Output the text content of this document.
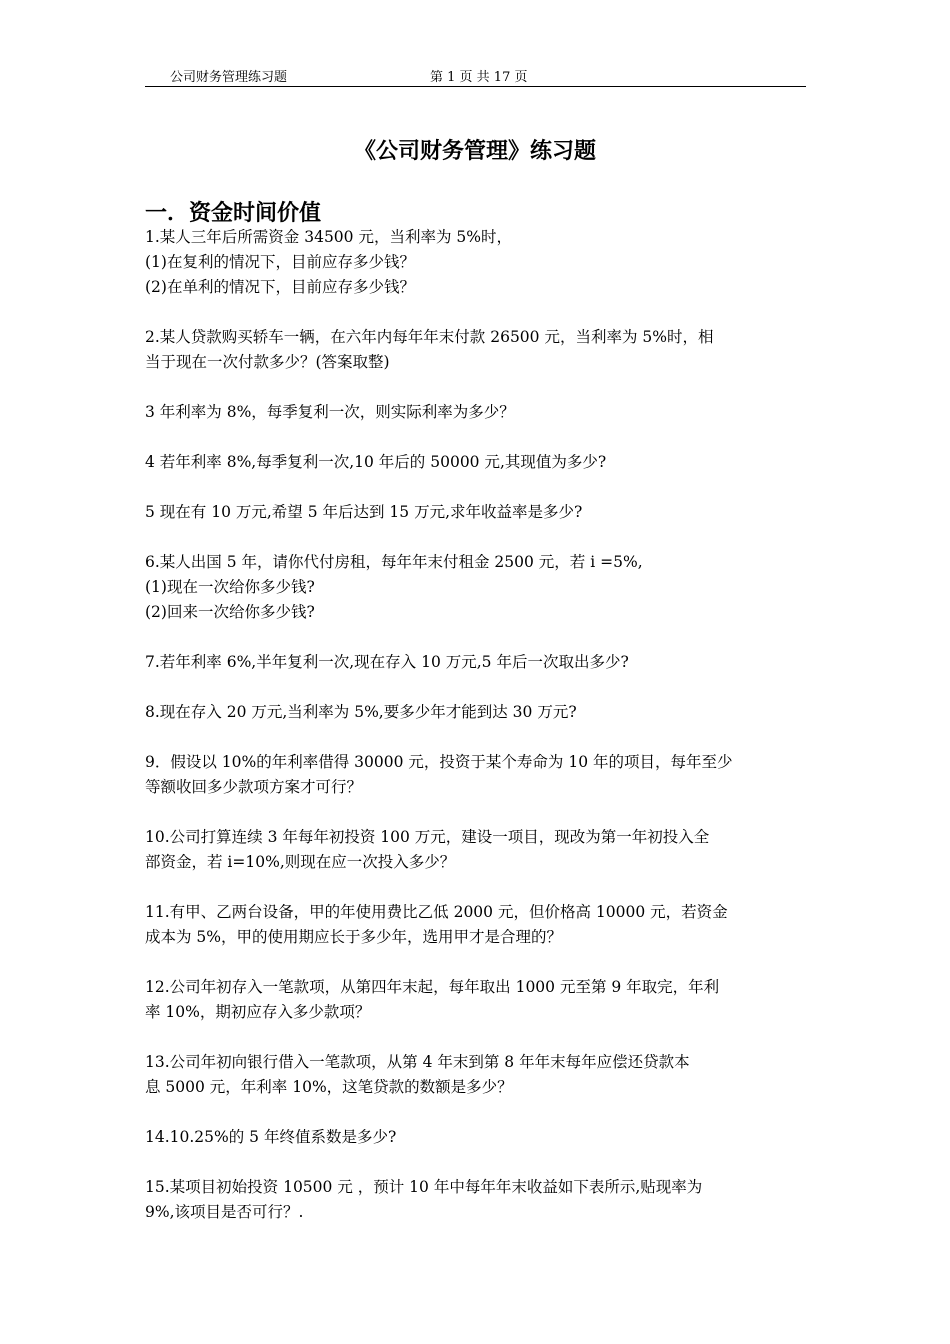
公司财务管理练习题	第 1 页 共 17 页
《公司财务管理》练习题
一．资金时间价值

1.某人三年后所需资金 34500 元，当利率为 5%时，

(1)在复利的情况下，目前应存多少钱？

(2)在单利的情况下，目前应存多少钱？

2.某人贷款购买轿车一辆，在六年内每年年末付款 26500 元，当利率为 5%时，相

当于现在一次付款多少？(答案取整)

3 年利率为 8%，每季复利一次，则实际利率为多少？

4 若年利率 8%,每季复利一次,10 年后的 50000 元,其现值为多少?

5 现在有 10 万元,希望 5 年后达到 15 万元,求年收益率是多少?

6.某人出国 5 年，请你代付房租，每年年末付租金 2500 元，若 i =5%,

(1)现在一次给你多少钱?

(2)回来一次给你多少钱?

7.若年利率 6%,半年复利一次,现在存入 10 万元,5 年后一次取出多少?

8.现在存入 20 万元,当利率为 5%,要多少年才能到达 30 万元?

9．假设以 10%的年利率借得 30000 元，投资于某个寿命为 10 年的项目，每年至少

等额收回多少款项方案才可行？

10.公司打算连续 3 年每年初投资 100 万元，建设一项目，现改为第一年初投入全

部资金，若 i=10%,则现在应一次投入多少？

11.有甲、乙两台设备，甲的年使用费比乙低 2000 元，但价格高 10000 元，若资金

成本为 5%，甲的使用期应长于多少年，选用甲才是合理的？

12.公司年初存入一笔款项，从第四年末起，每年取出 1000 元至第 9 年取完，年利

率 10%，期初应存入多少款项？

13.公司年初向银行借入一笔款项，从第 4 年末到第 8 年年末每年应偿还贷款本

息 5000 元，年利率 10%，这笔贷款的数额是多少？

14.10.25%的 5 年终值系数是多少?

15.某项目初始投资 10500 元 ，预计 10 年中每年年末收益如下表所示,贴现率为

9%,该项目是否可行？.
